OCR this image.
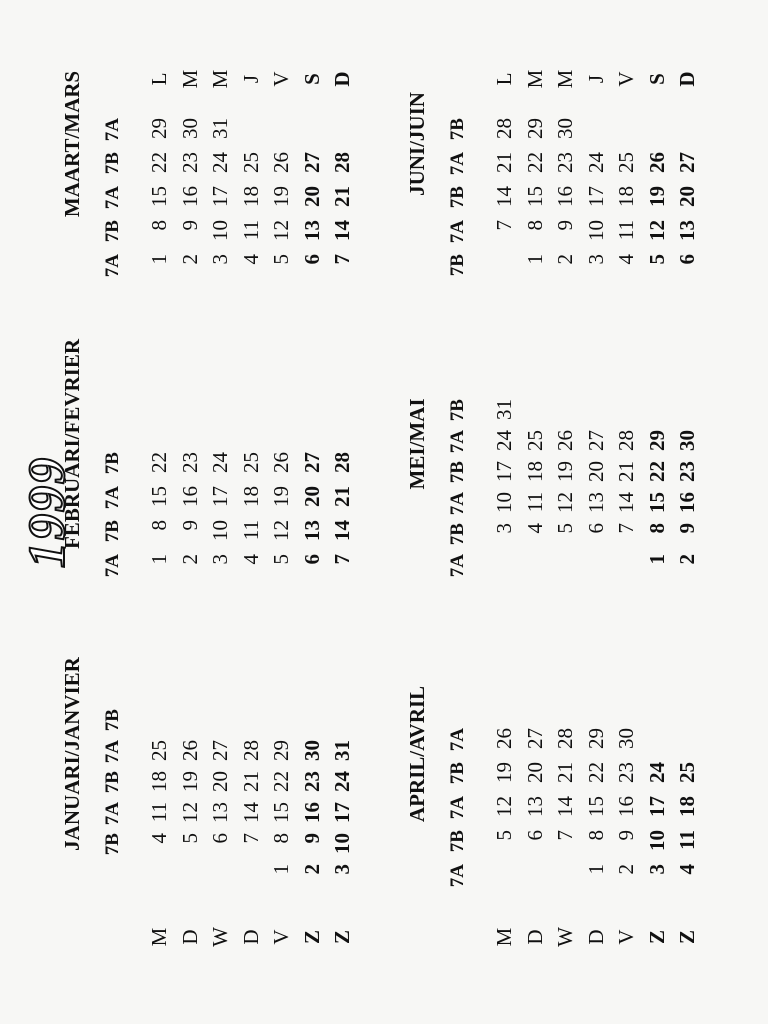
1999
JANUARI/JANVIER 7B
7A
7B
7A
7B
4
11
18
25
5
12
19
26
6
13
20
27
7
14
21
28
1
8
15
22
29
2
9
16
23
30
3
10
17
24
31
FEBRUARI/FEVRIER
7A
7B
7A
7B
1
8
15
22
2
9
16
23
3
10
17
24
4
11
18
25
5
12
19
26
6
13
20
27
7
14
21
28
MAART/MARS
7A
7B
7A
7B
7A
1
8
15
22
29
2
9
16
23
30
3
10
17
24
31
4
11
18
25
5
12
19
26
6
13
20
27
7
14
21
28
APRIL/AVRIL
7A
7B
7A
7B
7A
5
12
19
26
6
13
20
27
7
14
21
28
1
8
15
22
29
2
9
16
23
30
3
10
17
24
4
11
18
25
MEI/MAI
7A
7B
7A
7B
7A
7B
3
10
17
24
31
4
11
18
25
5
12
19
26
6
13
20
27
7
14
21
28
1
8
15
22
29
2
9
16
23
30
JUNI/JUIN
7B
7A
7B
7A
7B
7
14
21
28
1
8
15
22
29
2
9
16
23
30
3
10
17
24
4
11
18
25
5
12
19
26
6
13
20
27
M D W D V Z Z
L M M J V S D
M D W D V Z Z
L M M J V S D
